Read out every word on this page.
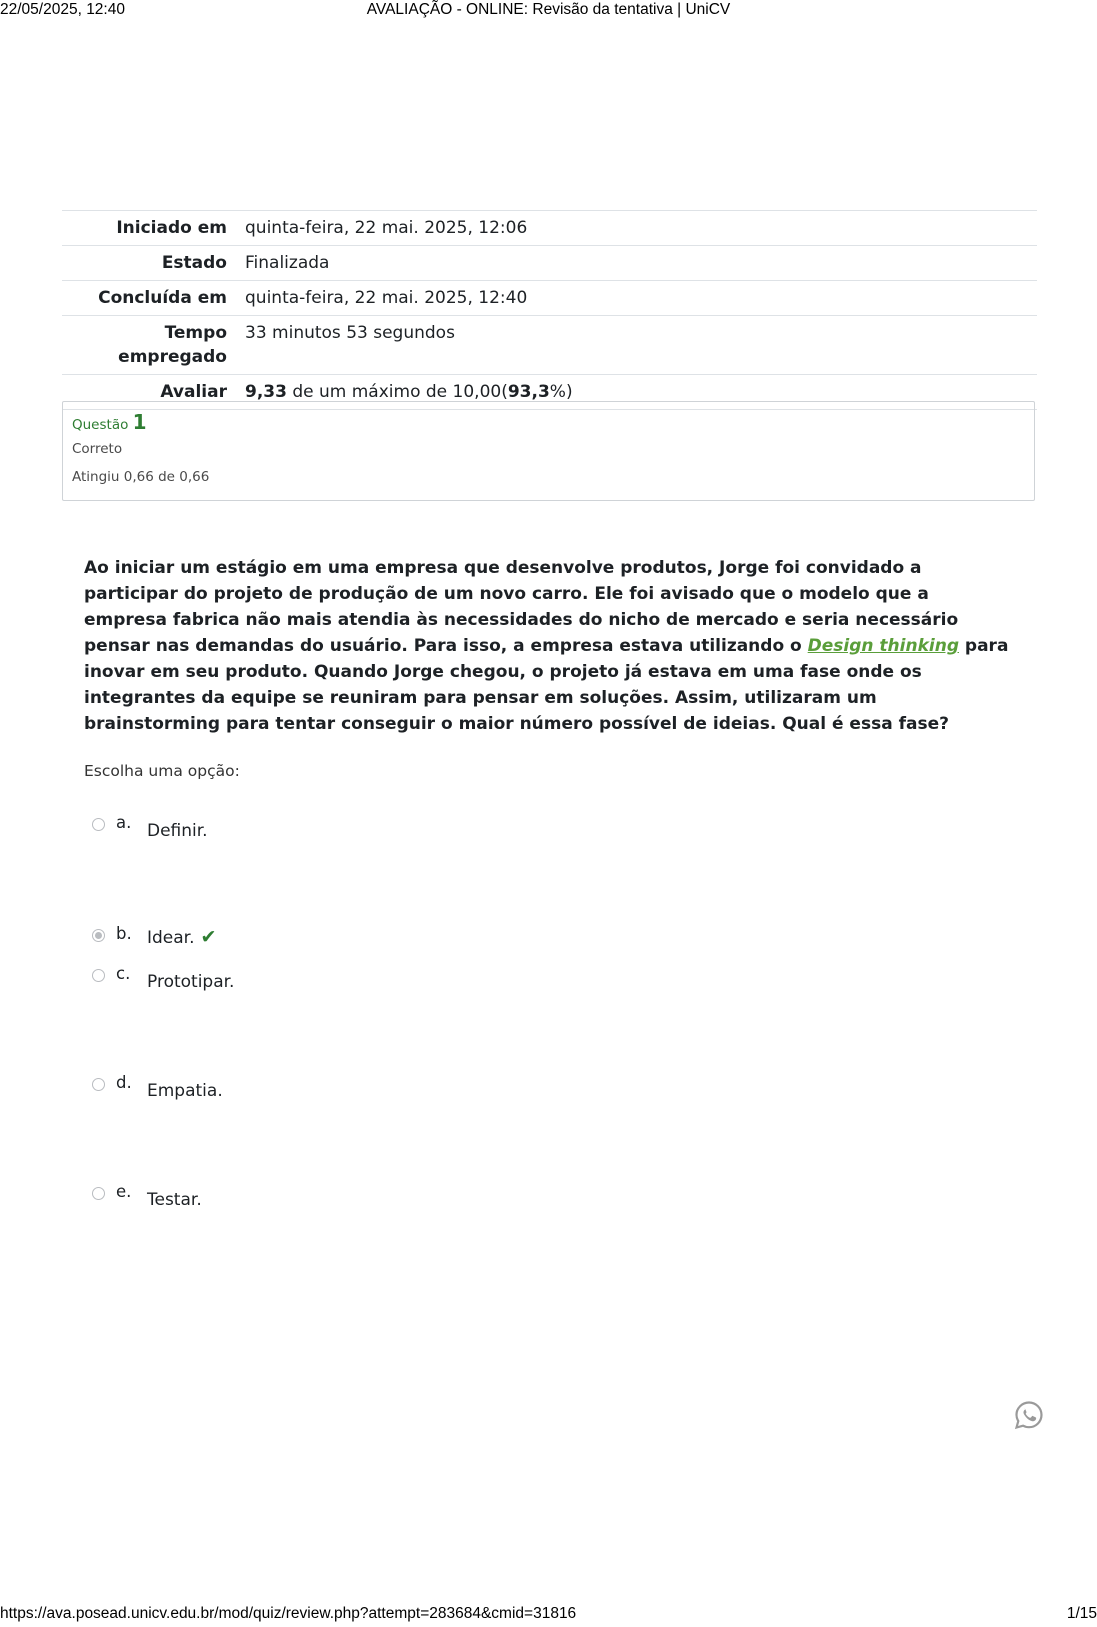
22/05/2025, 12:40	AVALIAÇÃO - ONLINE: Revisão da tentativa | UniCV
Iniciado em	quinta-feira, 22 mai. 2025, 12:06
Estado	Finalizada
Concluída em	quinta-feira, 22 mai. 2025, 12:40
Tempo empregado	33 minutos 53 segundos
Avaliar	9,33 de um máximo de 10,00(93,3%)
Questão 1
Correto
Atingiu 0,66 de 0,66
Ao iniciar um estágio em uma empresa que desenvolve produtos, Jorge foi convidado a participar do projeto de produção de um novo carro. Ele foi avisado que o modelo que a empresa fabrica não mais atendia às necessidades do nicho de mercado e seria necessário pensar nas demandas do usuário. Para isso, a empresa estava utilizando o Design thinking para inovar em seu produto. Quando Jorge chegou, o projeto já estava em uma fase onde os integrantes da equipe se reuniram para pensar em soluções. Assim, utilizaram um brainstorming para tentar conseguir o maior número possível de ideias. Qual é essa fase?
Escolha uma opção:
a. Definir.
b. Idear. ✔
c. Prototipar.
d. Empatia.
e. Testar.
https://ava.posead.unicv.edu.br/mod/quiz/review.php?attempt=283684&cmid=31816	1/15
